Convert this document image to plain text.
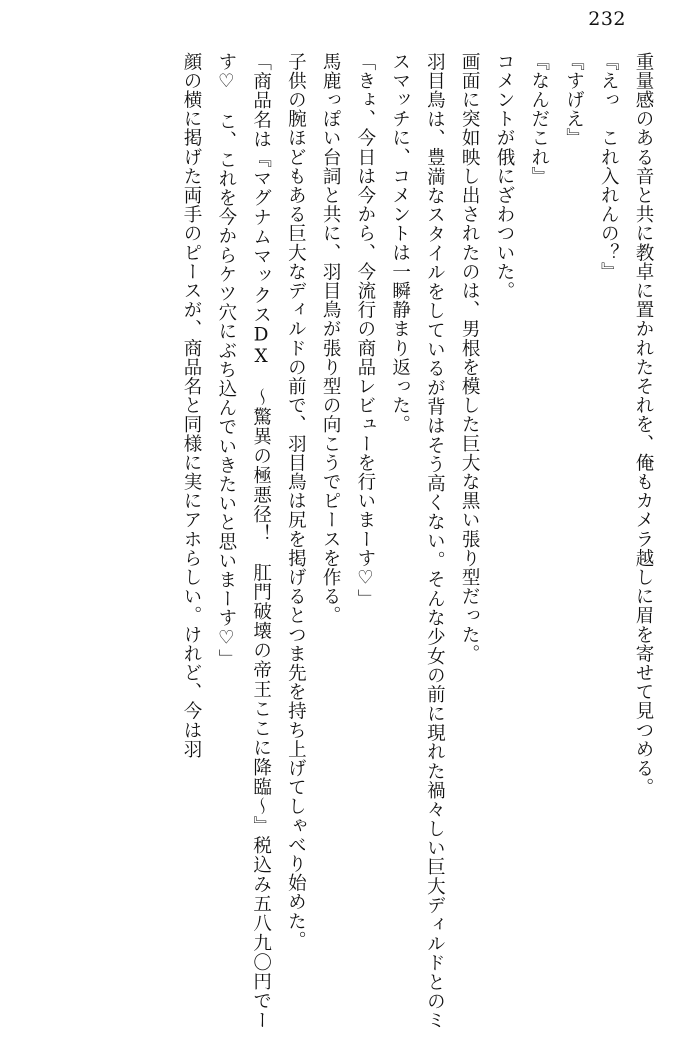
232

重量感のある音と共に教卓に置かれたそれを、俺もカメラ越しに眉を寄せて見つめる。

『えっ　これ入れんの？』

『すげえ』

『なんだこれ』

コメントが俄にざわついた。

画面に突如映し出されたのは、男根を模した巨大な黒い張り型だった。

羽目鳥は、豊満なスタイルをしているが背はそう高くない。そんな少女の前に現れた禍々しい巨大ディルドとのミスマッチに、コメントは一瞬静まり返った。

「きょ、今日は今から、今流行の商品レビューを行いまーす♡」

馬鹿っぽい台詞と共に、羽目鳥が張り型の向こうでピースを作る。

子供の腕ほどもある巨大なディルドの前で、羽目鳥は尻を掲げるとつま先を持ち上げてしゃべり始めた。

「商品名は『マグナムマックスDX　〜驚異の極悪径！　肛門破壊の帝王ここに降臨〜』税込み五八九〇円でーす♡　こ、これを今からケツ穴にぶち込んでいきたいと思いまーす♡」

顔の横に掲げた両手のピースが、商品名と同様に実にアホらしい。けれど、今は羽
